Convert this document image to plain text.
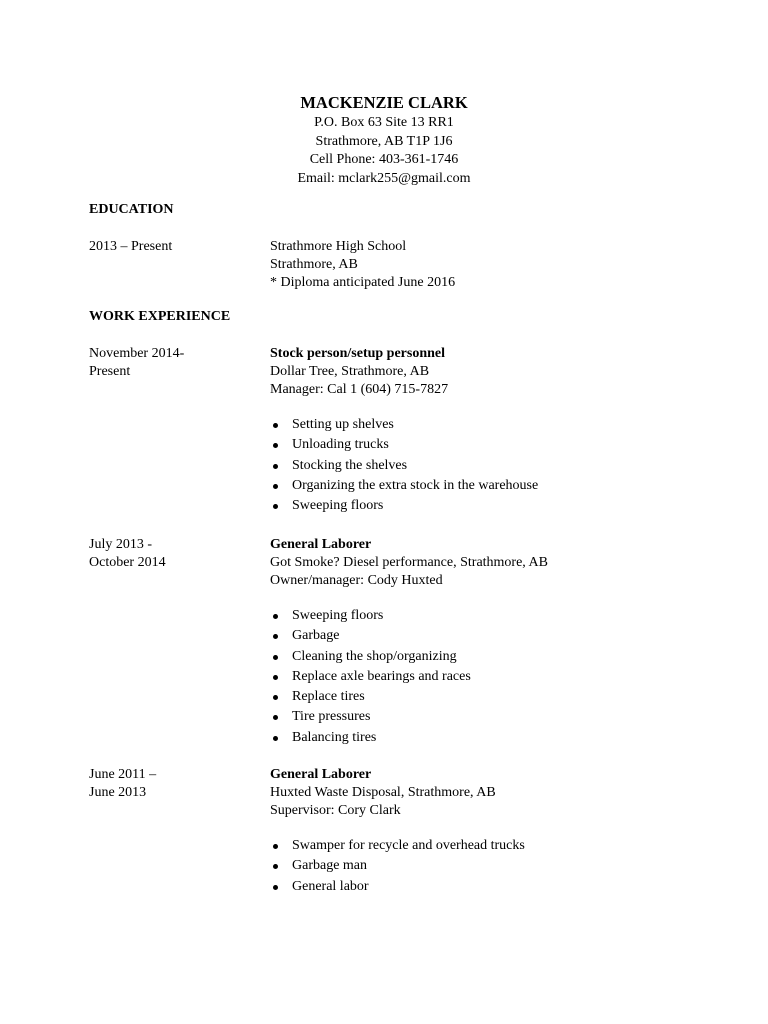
MACKENZIE CLARK
P.O. Box 63 Site 13 RR1
Strathmore, AB T1P 1J6
Cell Phone: 403-361-1746
Email: mclark255@gmail.com
EDUCATION
2013 – Present	Strathmore High School
Strathmore, AB
* Diploma anticipated June 2016
WORK EXPERIENCE
November 2014-
Present
Stock person/setup personnel
Dollar Tree, Strathmore, AB
Manager: Cal 1 (604) 715-7827
Setting up shelves
Unloading trucks
Stocking the shelves
Organizing the extra stock in the warehouse
Sweeping floors
July 2013 -
October 2014
General Laborer
Got Smoke? Diesel performance, Strathmore, AB
Owner/manager: Cody Huxted
Sweeping floors
Garbage
Cleaning the shop/organizing
Replace axle bearings and races
Replace tires
Tire pressures
Balancing tires
June 2011 –
June 2013
General Laborer
Huxted Waste Disposal, Strathmore, AB
Supervisor: Cory Clark
Swamper for recycle and overhead trucks
Garbage man
General labor
